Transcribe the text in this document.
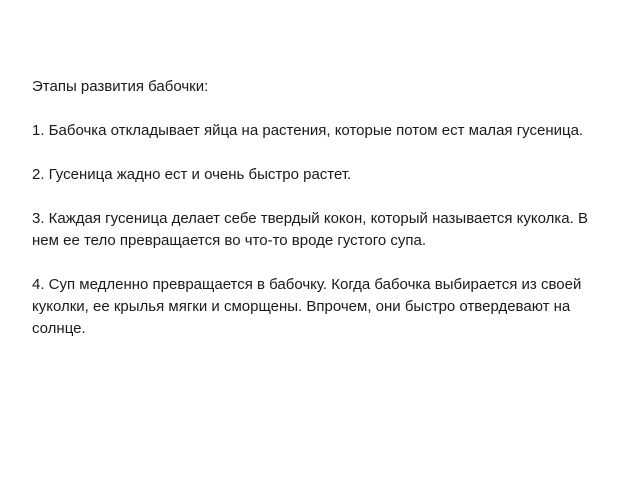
Этапы развития бабочки:
1. Бабочка откладывает яйца на растения, которые потом ест малая гусеница.
2. Гусеница жадно ест и очень быстро растет.
3. Каждая гусеница делает себе твердый кокон, который называется куколка. В нем ее тело превращается во что-то вроде густого супа.
4. Суп медленно превращается в бабочку. Когда бабочка выбирается из своей куколки, ее крылья мягки и сморщены. Впрочем, они быстро отвердевают на солнце.
